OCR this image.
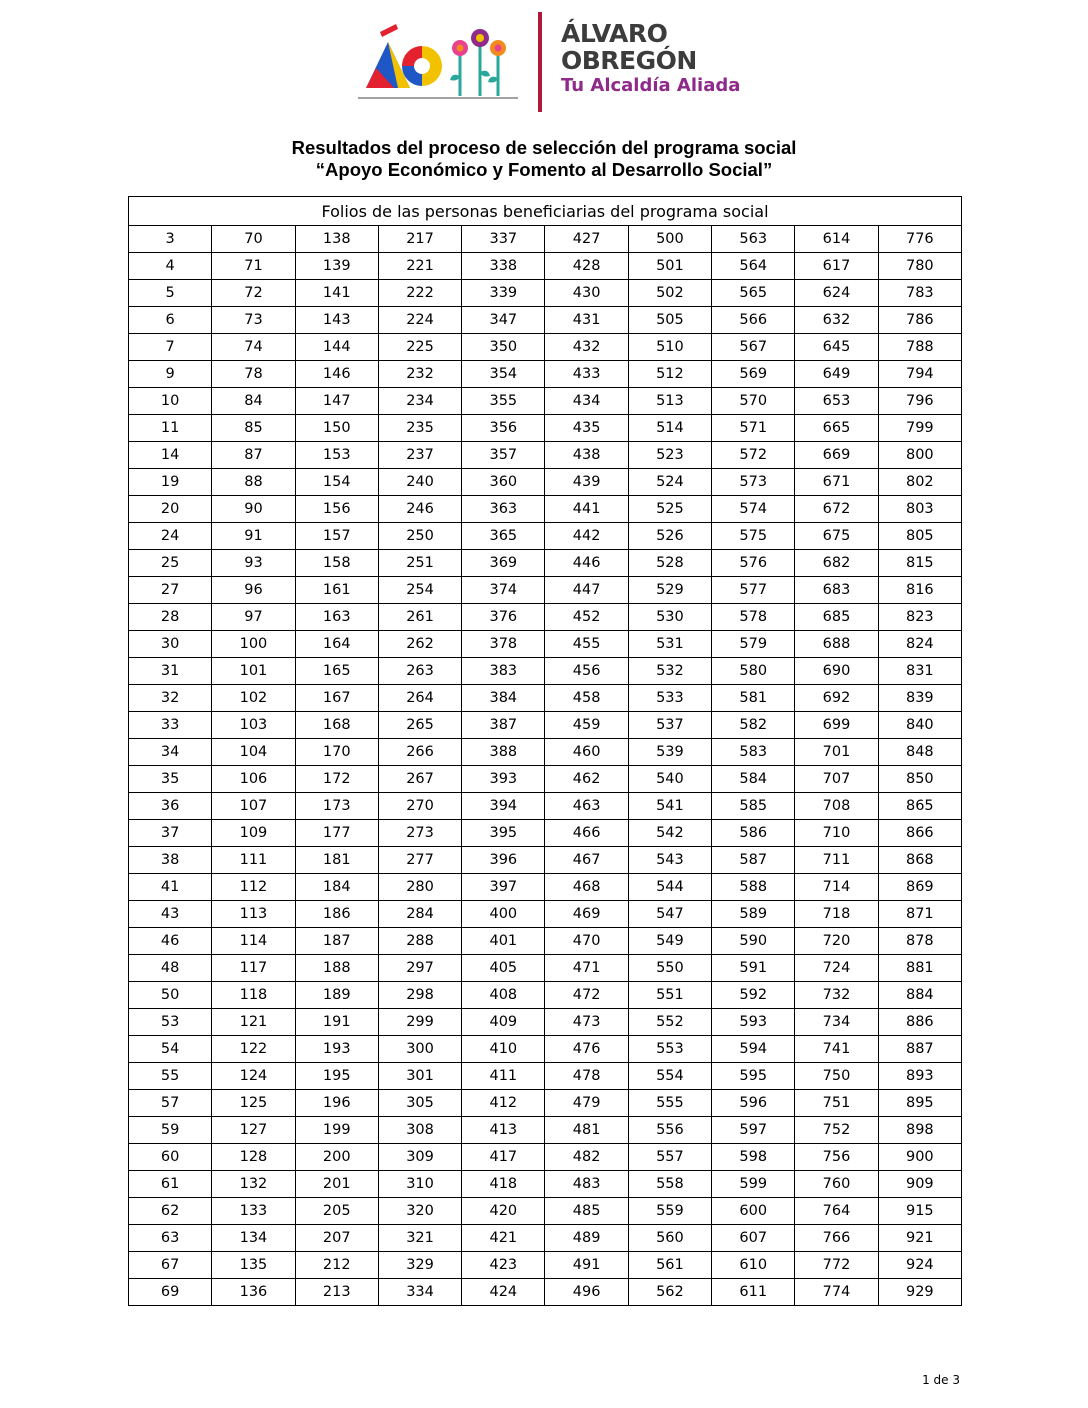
ÁLVARO
OBREGÓN
Tu Alcaldía Aliada
Resultados del proceso de selección del programa social
“Apoyo Económico y Fomento al Desarrollo Social”
Folios de las personas beneficiarias del programa social									
3	70	138	217	337	427	500	563	614	776
4	71	139	221	338	428	501	564	617	780
5	72	141	222	339	430	502	565	624	783
6	73	143	224	347	431	505	566	632	786
7	74	144	225	350	432	510	567	645	788
9	78	146	232	354	433	512	569	649	794
10	84	147	234	355	434	513	570	653	796
11	85	150	235	356	435	514	571	665	799
14	87	153	237	357	438	523	572	669	800
19	88	154	240	360	439	524	573	671	802
20	90	156	246	363	441	525	574	672	803
24	91	157	250	365	442	526	575	675	805
25	93	158	251	369	446	528	576	682	815
27	96	161	254	374	447	529	577	683	816
28	97	163	261	376	452	530	578	685	823
30	100	164	262	378	455	531	579	688	824
31	101	165	263	383	456	532	580	690	831
32	102	167	264	384	458	533	581	692	839
33	103	168	265	387	459	537	582	699	840
34	104	170	266	388	460	539	583	701	848
35	106	172	267	393	462	540	584	707	850
36	107	173	270	394	463	541	585	708	865
37	109	177	273	395	466	542	586	710	866
38	111	181	277	396	467	543	587	711	868
41	112	184	280	397	468	544	588	714	869
43	113	186	284	400	469	547	589	718	871
46	114	187	288	401	470	549	590	720	878
48	117	188	297	405	471	550	591	724	881
50	118	189	298	408	472	551	592	732	884
53	121	191	299	409	473	552	593	734	886
54	122	193	300	410	476	553	594	741	887
55	124	195	301	411	478	554	595	750	893
57	125	196	305	412	479	555	596	751	895
59	127	199	308	413	481	556	597	752	898
60	128	200	309	417	482	557	598	756	900
61	132	201	310	418	483	558	599	760	909
62	133	205	320	420	485	559	600	764	915
63	134	207	321	421	489	560	607	766	921
67	135	212	329	423	491	561	610	772	924
69	136	213	334	424	496	562	611	774	929
1 de 3
